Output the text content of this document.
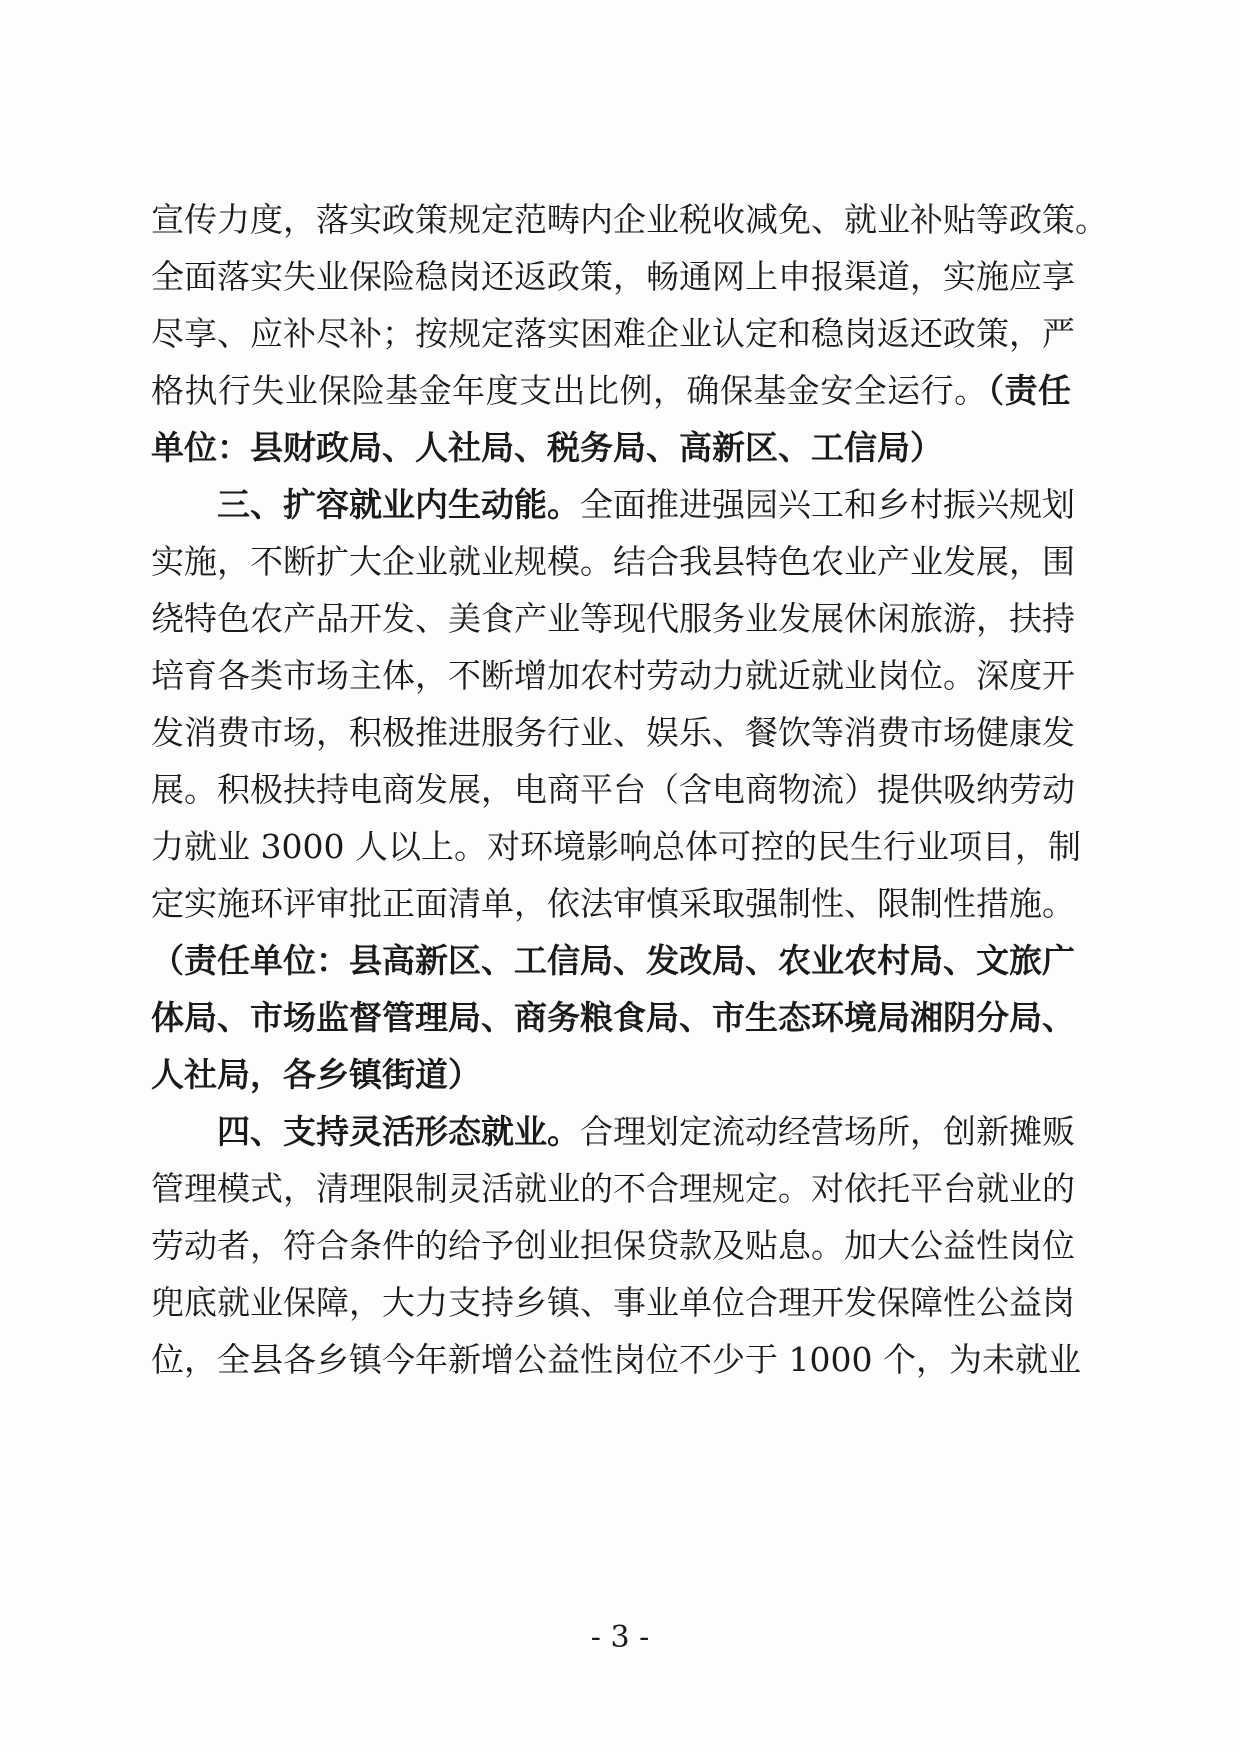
宣传力度，落实政策规定范畴内企业税收减免、就业补贴等政策。
全面落实失业保险稳岗还返政策，畅通网上申报渠道，实施应享
尽享、应补尽补；按规定落实困难企业认定和稳岗返还政策，严
格执行失业保险基金年度支出比例，确保基金安全运行。（责任
单位：县财政局、人社局、税务局、高新区、工信局）
三、扩容就业内生动能。全面推进强园兴工和乡村振兴规划
实施，不断扩大企业就业规模。结合我县特色农业产业发展，围
绕特色农产品开发、美食产业等现代服务业发展休闲旅游，扶持
培育各类市场主体，不断增加农村劳动力就近就业岗位。深度开
发消费市场，积极推进服务行业、娱乐、餐饮等消费市场健康发
展。积极扶持电商发展，电商平台（含电商物流）提供吸纳劳动
力就业 3000 人以上。对环境影响总体可控的民生行业项目，制
定实施环评审批正面清单，依法审慎采取强制性、限制性措施。
（责任单位：县高新区、工信局、发改局、农业农村局、文旅广
体局、市场监督管理局、商务粮食局、市生态环境局湘阴分局、
人社局，各乡镇街道）
四、支持灵活形态就业。合理划定流动经营场所，创新摊贩
管理模式，清理限制灵活就业的不合理规定。对依托平台就业的
劳动者，符合条件的给予创业担保贷款及贴息。加大公益性岗位
兜底就业保障，大力支持乡镇、事业单位合理开发保障性公益岗
位，全县各乡镇今年新增公益性岗位不少于 1000 个，为未就业
- 3 -
